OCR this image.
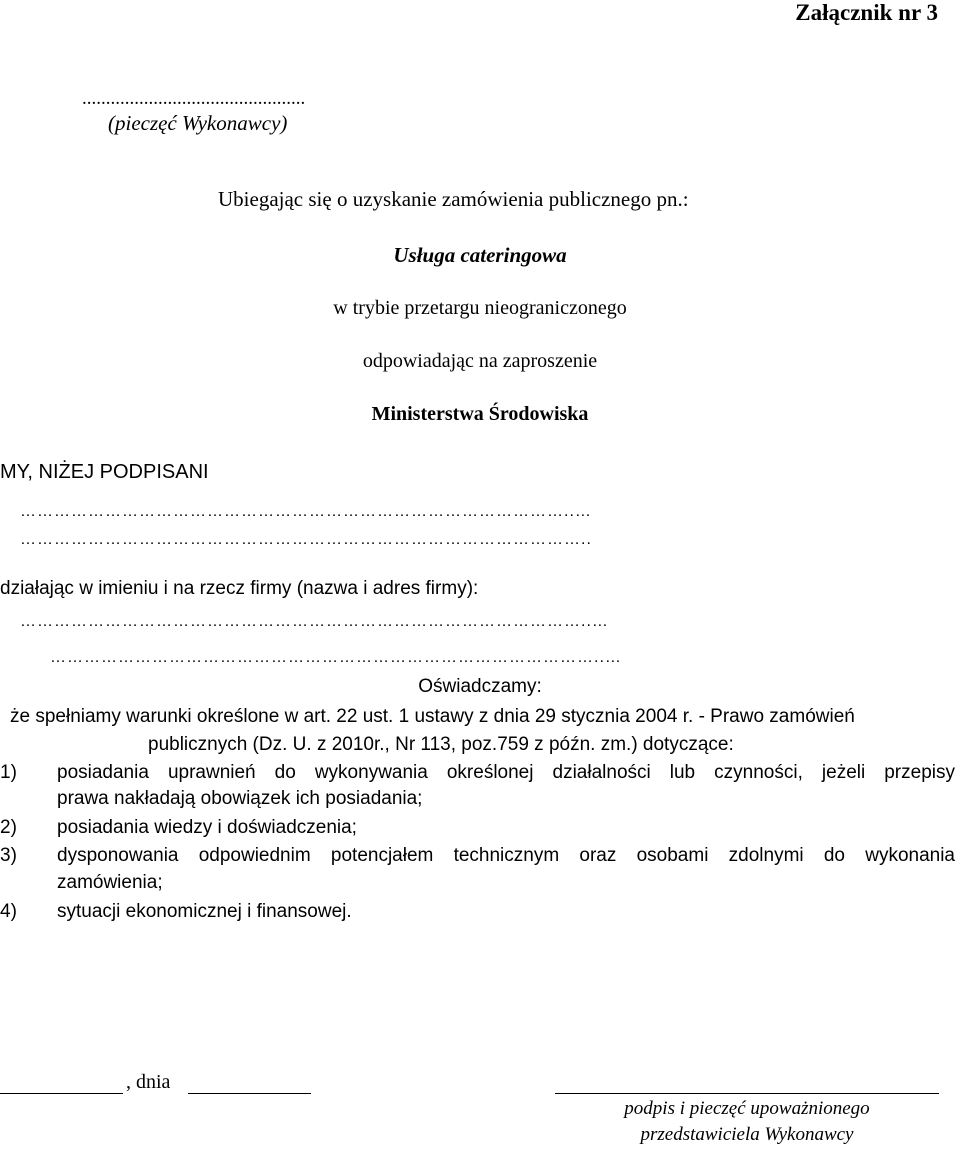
Załącznik nr 3
...............................................
(pieczęć Wykonawcy)
Ubiegając się o uzyskanie zamówienia publicznego pn.:
Usługa cateringowa
w trybie przetargu nieograniczonego
odpowiadając na zaproszenie
Ministerstwa Środowiska
MY, NIŻEJ PODPISANI
……………………………………………………………………………………..…
………………………………………………………………………………………..
działając w imieniu i na rzecz firmy (nazwa i adres firmy):
………………………………………………………………………………………..…
……………………………………………………………………………………..…
Oświadczamy:
że spełniamy warunki określone w art. 22 ust. 1 ustawy z dnia 29 stycznia 2004 r. - Prawo zamówień
publicznych (Dz. U. z 2010r., Nr 113, poz.759 z późn. zm.) dotyczące:
1) posiadania uprawnień do wykonywania określonej działalności lub czynności, jeżeli przepisy
prawa nakładają obowiązek ich posiadania;
2) posiadania wiedzy i doświadczenia;
3) dysponowania odpowiednim potencjałem technicznym oraz osobami zdolnymi do wykonania
zamówienia;
4) sytuacji ekonomicznej i finansowej.
, dnia
podpis i pieczęć upoważnionego
przedstawiciela Wykonawcy
